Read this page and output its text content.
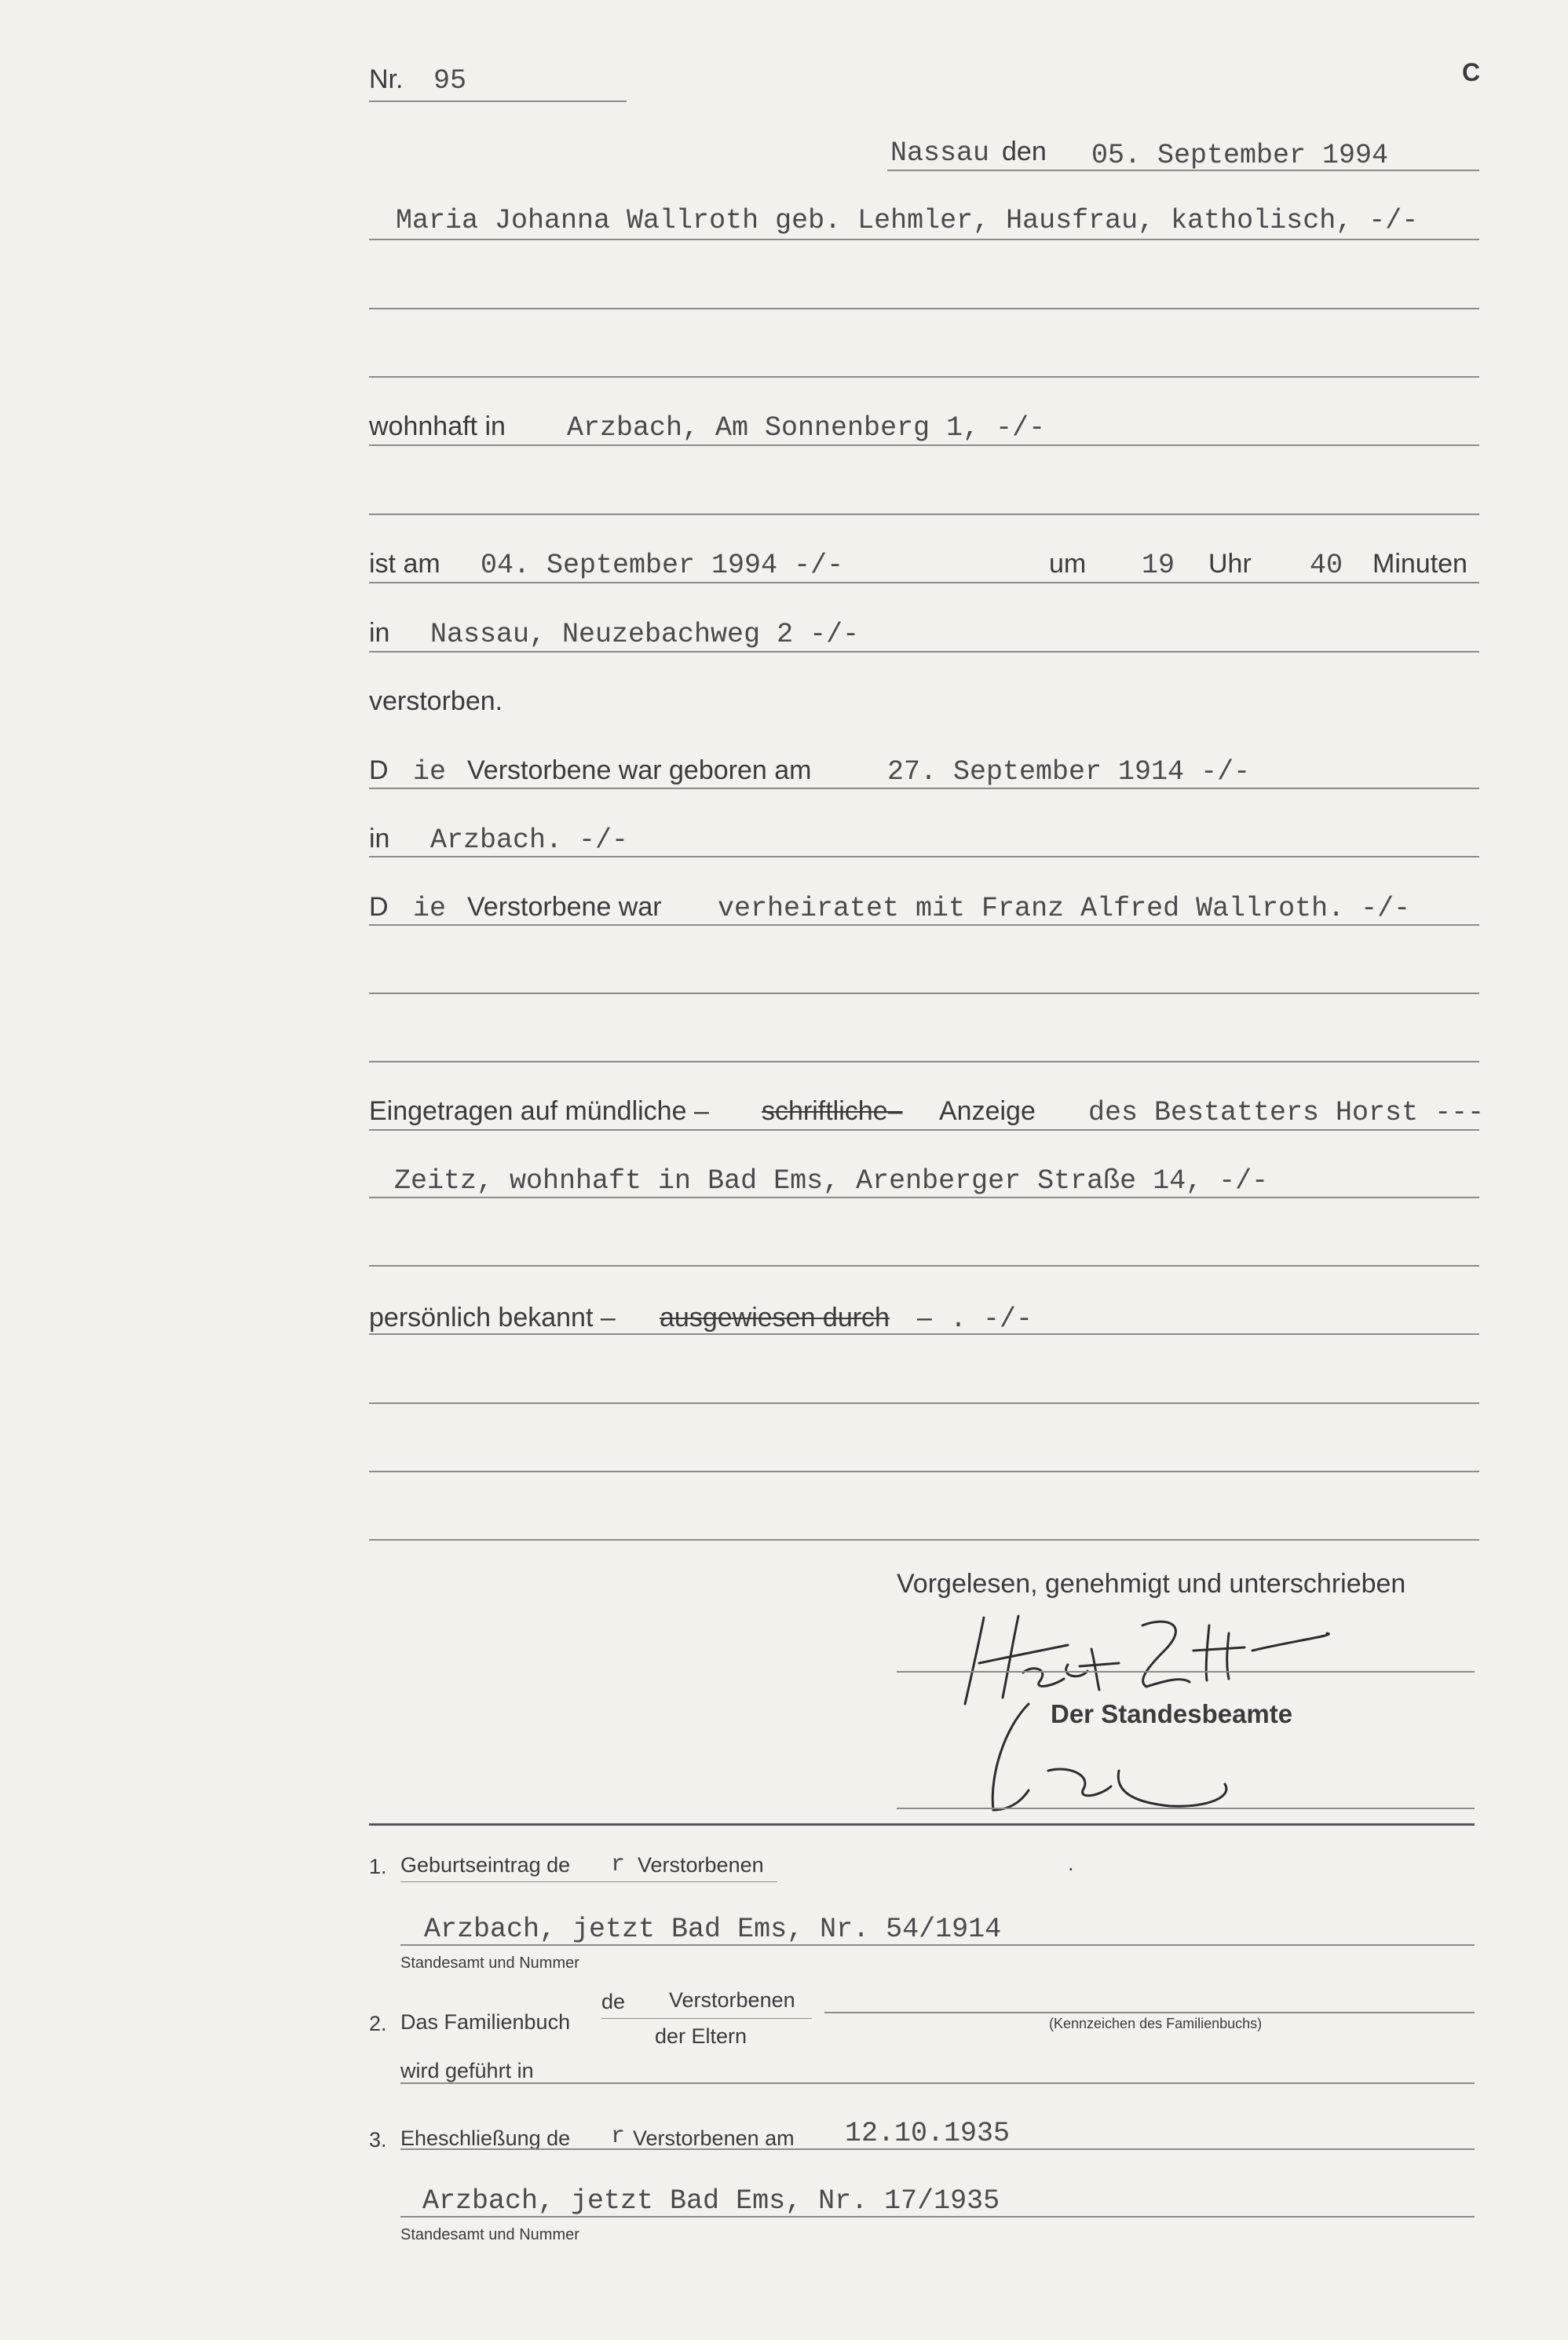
Nr. 95	C
Nassau den 05. September 1994
Maria Johanna Wallroth geb. Lehmler, Hausfrau, katholisch, -/-
wohnhaft in Arzbach, Am Sonnenberg 1, -/-
ist am 04. September 1994 -/-	um 19 Uhr 40 Minuten
in Nassau, Neuzebachweg 2 -/-
verstorben.
D ie Verstorbene war geboren am	27. September 1914 -/-
in Arzbach. -/-
D ie Verstorbene war verheiratet mit Franz Alfred Wallroth. -/-
Eingetragen auf mündliche – schriftliche– Anzeige des Bestatters Horst ---
Zeitz, wohnhaft in Bad Ems, Arenberger Straße 14, -/-
persönlich bekannt – ausgewiesen durch – . -/-
Vorgelesen, genehmigt und unterschrieben
Der Standesbeamte
1. Geburtseintrag de r Verstorbenen	.
Arzbach, jetzt Bad Ems, Nr. 54/1914
Standesamt und Nummer
2. Das Familienbuch
de Verstorbenen
der Eltern
(Kennzeichen des Familienbuchs)
wird geführt in
3. Eheschließung de r Verstorbenen am 12.10.1935
Arzbach, jetzt Bad Ems, Nr. 17/1935
Standesamt und Nummer
